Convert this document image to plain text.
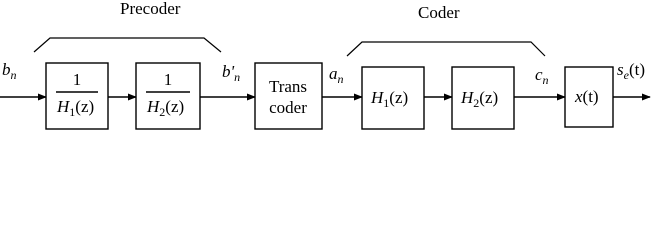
Precoder	Coder
1
$H_1(z)$
1
$H_2(z)$
Trans
coder
$H_1(z)$	$H_2(z)$	x(t)
$b_n$	$b'_n$	$a_n$	$c_n$
$s_e(t)$
